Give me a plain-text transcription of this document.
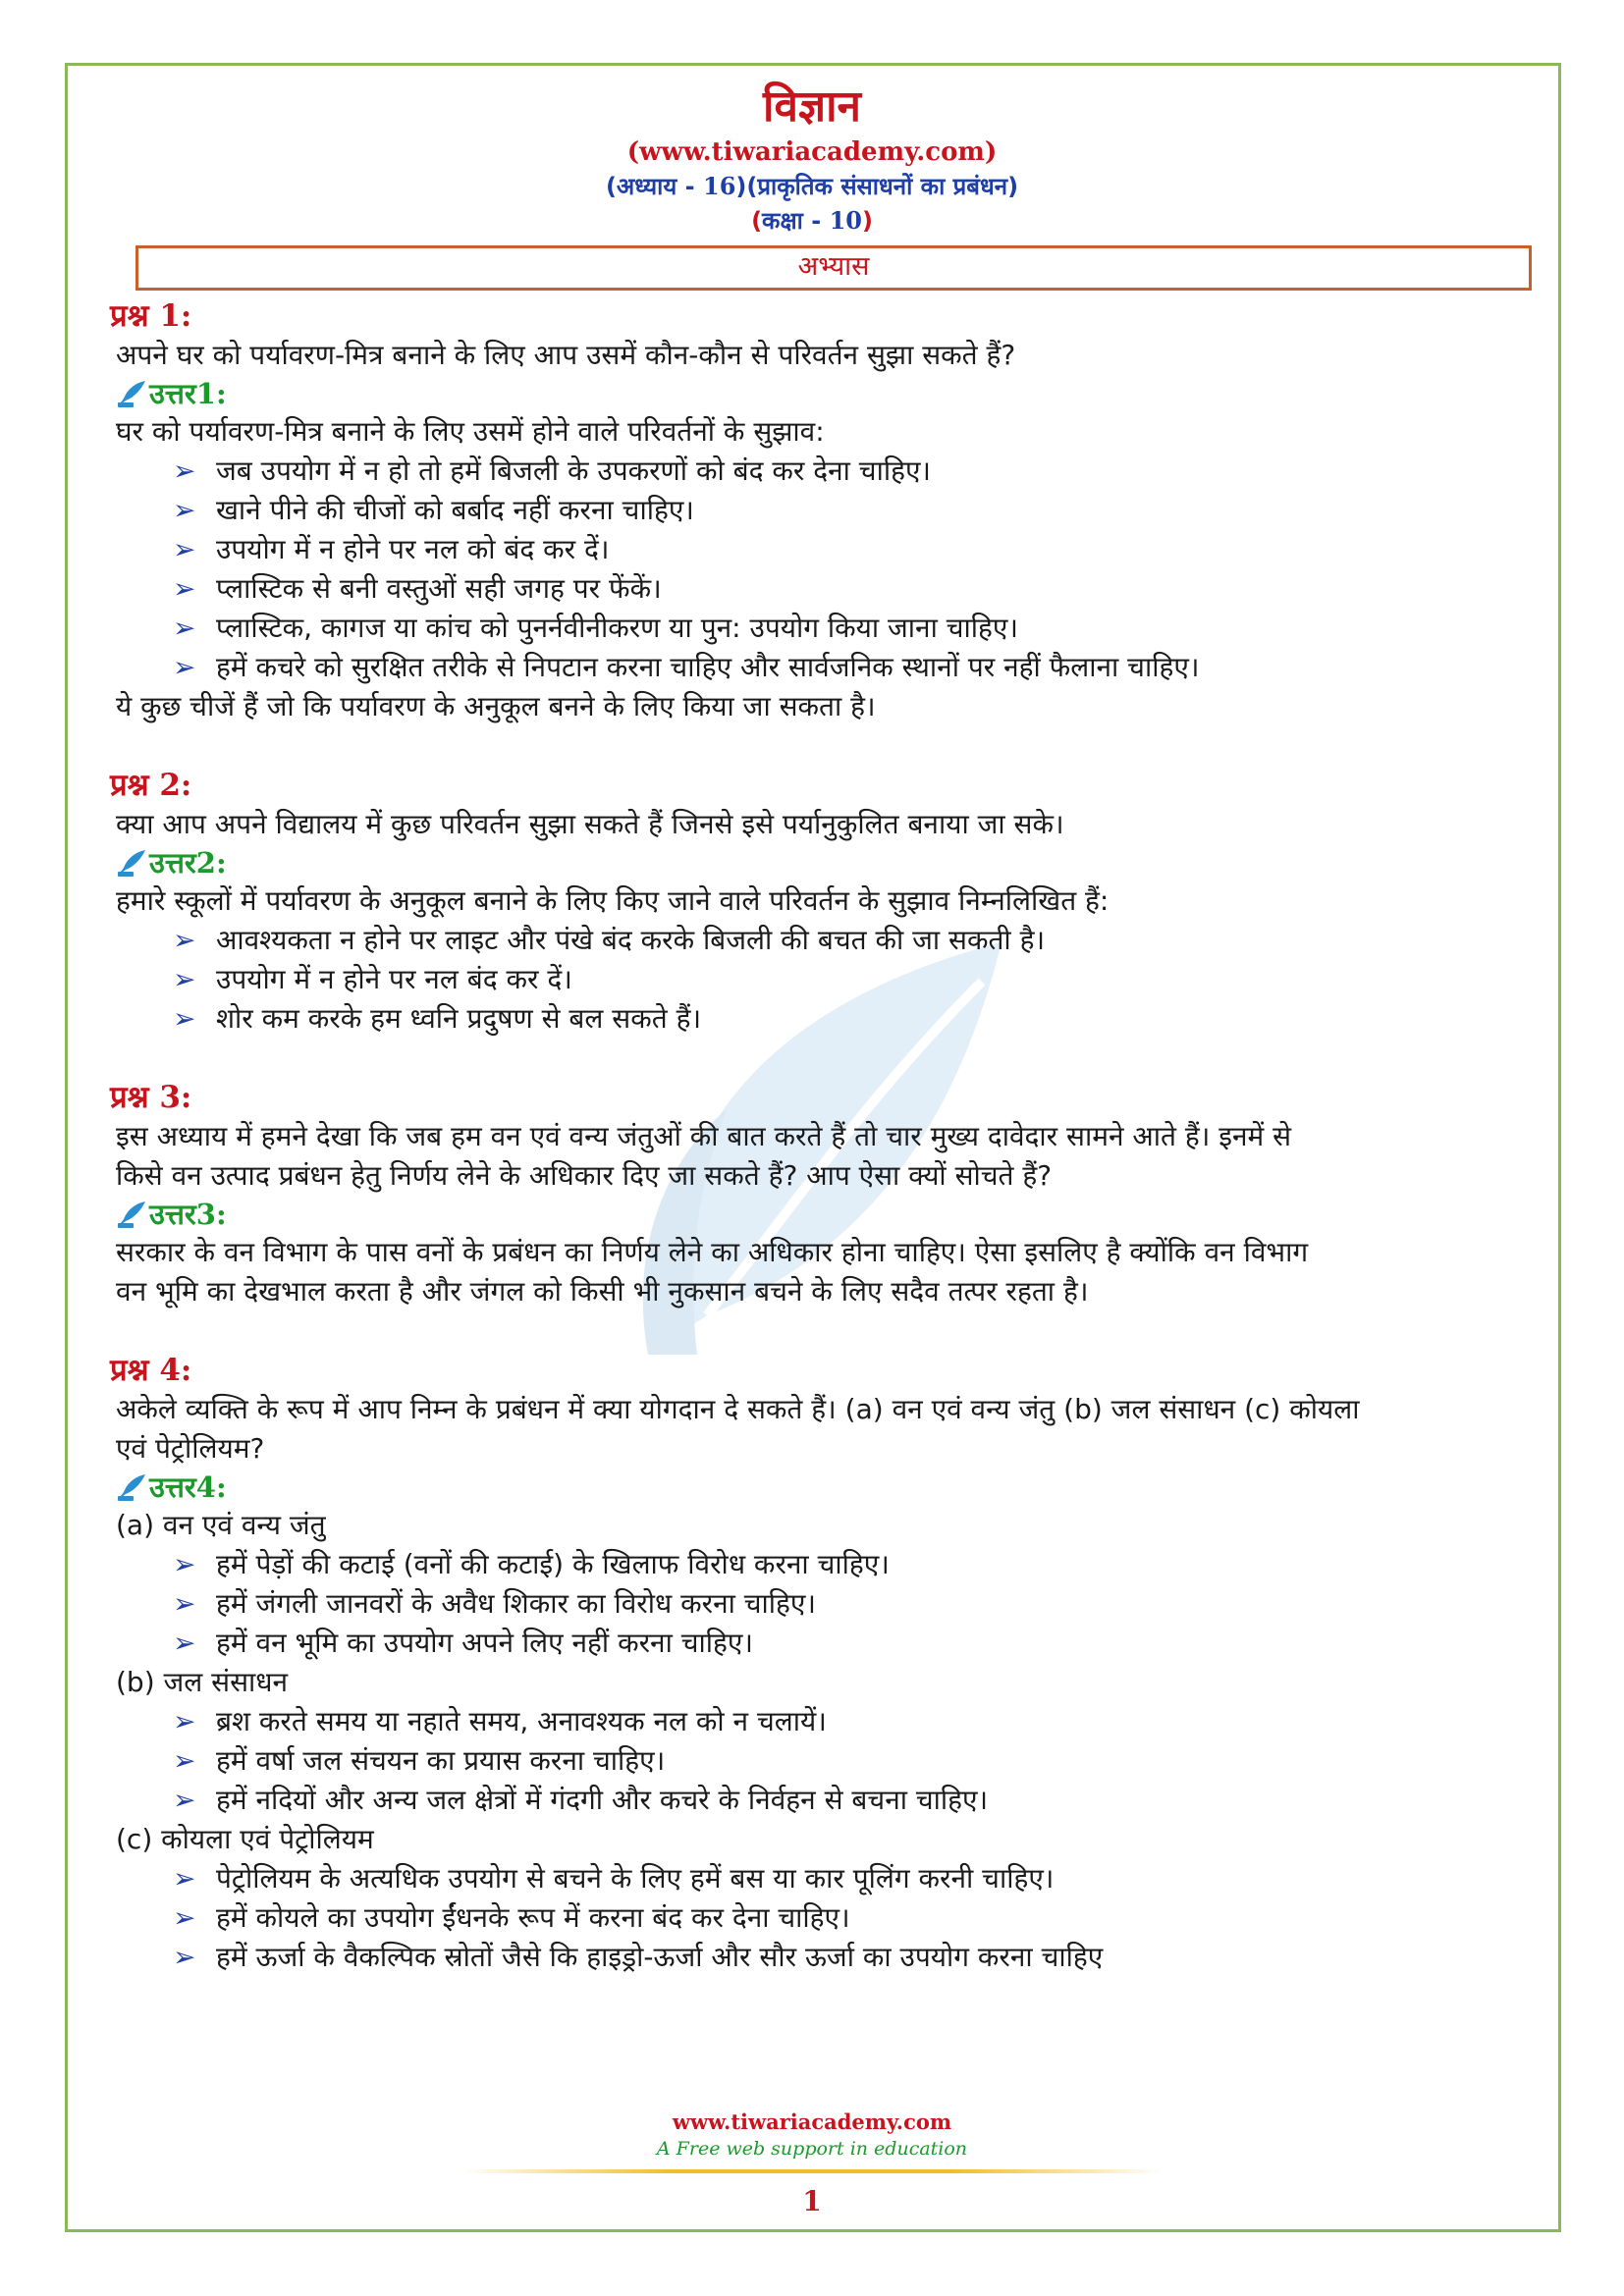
विज्ञान
(www.tiwariacademy.com)
(अध्याय - 16)(प्राकृतिक संसाधनों का प्रबंधन)
(कक्षा - 10)
अभ्यास
प्रश्न 1:
अपने घर को पर्यावरण-मित्र बनाने के लिए आप उसमें कौन-कौन से परिवर्तन सुझा सकते हैं?
उत्तर 1:
घर को पर्यावरण-मित्र बनाने के लिए उसमें होने वाले परिवर्तनों के सुझाव:
➢ जब उपयोग में न हो तो हमें बिजली के उपकरणों को बंद कर देना चाहिए।
➢ खाने पीने की चीजों को बर्बाद नहीं करना चाहिए।
➢ उपयोग में न होने पर नल को बंद कर दें।
➢ प्लास्टिक से बनी वस्तुओं सही जगह पर फेंकें।
➢ प्लास्टिक, कागज या कांच को पुनर्नवीनीकरण या पुन: उपयोग किया जाना चाहिए।
➢ हमें कचरे को सुरक्षित तरीके से निपटान करना चाहिए और सार्वजनिक स्थानों पर नहीं फैलाना चाहिए।
ये कुछ चीजें हैं जो कि पर्यावरण के अनुकूल बनने के लिए किया जा सकता है।
प्रश्न 2:
क्या आप अपने विद्यालय में कुछ परिवर्तन सुझा सकते हैं जिनसे इसे पर्यानुकुलित बनाया जा सके।
उत्तर 2:
हमारे स्कूलों में पर्यावरण के अनुकूल बनाने के लिए किए जाने वाले परिवर्तन के सुझाव निम्नलिखित हैं:
➢ आवश्यकता न होने पर लाइट और पंखे बंद करके बिजली की बचत की जा सकती है।
➢ उपयोग में न होने पर नल बंद कर दें।
➢ शोर कम करके हम ध्वनि प्रदुषण से बल सकते हैं।
प्रश्न 3:
इस अध्याय में हमने देखा कि जब हम वन एवं वन्य जंतुओं की बात करते हैं तो चार मुख्य दावेदार सामने आते हैं। इनमें से
किसे वन उत्पाद प्रबंधन हेतु निर्णय लेने के अधिकार दिए जा सकते हैं? आप ऐसा क्यों सोचते हैं?
उत्तर 3:
सरकार के वन विभाग के पास वनों के प्रबंधन का निर्णय लेने का अधिकार होना चाहिए। ऐसा इसलिए है क्योंकि वन विभाग
वन भूमि का देखभाल करता है और जंगल को किसी भी नुकसान बचने के लिए सदैव तत्पर रहता है।
प्रश्न 4:
अकेले व्यक्ति के रूप में आप निम्न के प्रबंधन में क्या योगदान दे सकते हैं। (a) वन एवं वन्य जंतु (b) जल संसाधन (c) कोयला
एवं पेट्रोलियम?
उत्तर 4:
(a) वन एवं वन्य जंतु
➢ हमें पेड़ों की कटाई (वनों की कटाई) के खिलाफ विरोध करना चाहिए।
➢ हमें जंगली जानवरों के अवैध शिकार का विरोध करना चाहिए।
➢ हमें वन भूमि का उपयोग अपने लिए नहीं करना चाहिए।
(b) जल संसाधन
➢ ब्रश करते समय या नहाते समय, अनावश्यक नल को न चलायें।
➢ हमें वर्षा जल संचयन का प्रयास करना चाहिए।
➢ हमें नदियों और अन्य जल क्षेत्रों में गंदगी और कचरे के निर्वहन से बचना चाहिए।
(c) कोयला एवं पेट्रोलियम
➢ पेट्रोलियम के अत्यधिक उपयोग से बचने के लिए हमें बस या कार पूलिंग करनी चाहिए।
➢ हमें कोयले का उपयोग ईंधनके रूप में करना बंद कर देना चाहिए।
➢ हमें ऊर्जा के वैकल्पिक स्रोतों जैसे कि हाइड्रो-ऊर्जा और सौर ऊर्जा का उपयोग करना चाहिए
www.tiwariacademy.com
A Free web support in education
1
